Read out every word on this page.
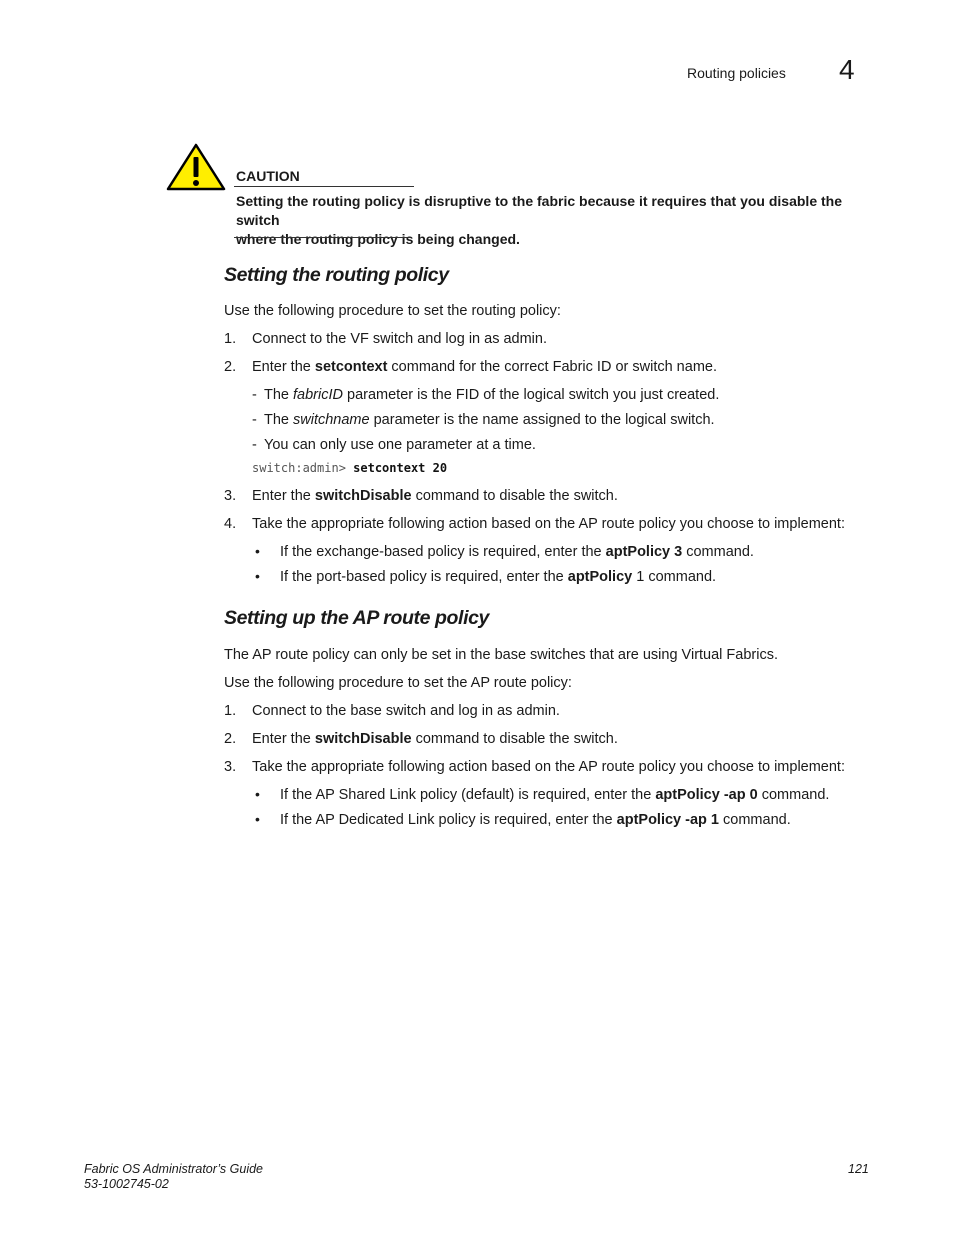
Routing policies 4
CAUTION
Setting the routing policy is disruptive to the fabric because it requires that you disable the switch
where the routing policy is being changed.
Setting the routing policy
Use the following procedure to set the routing policy:
1. Connect to the VF switch and log in as admin.
2. Enter the setcontext command for the correct Fabric ID or switch name.
- The fabricID parameter is the FID of the logical switch you just created.
- The switchname parameter is the name assigned to the logical switch.
- You can only use one parameter at a time.
switch:admin> setcontext 20
3. Enter the switchDisable command to disable the switch.
4. Take the appropriate following action based on the AP route policy you choose to implement:
• If the exchange-based policy is required, enter the aptPolicy 3 command.
• If the port-based policy is required, enter the aptPolicy 1 command.
Setting up the AP route policy
The AP route policy can only be set in the base switches that are using Virtual Fabrics.
Use the following procedure to set the AP route policy:
1. Connect to the base switch and log in as admin.
2. Enter the switchDisable command to disable the switch.
3. Take the appropriate following action based on the AP route policy you choose to implement:
• If the AP Shared Link policy (default) is required, enter the aptPolicy -ap 0 command.
• If the AP Dedicated Link policy is required, enter the aptPolicy -ap 1 command.
Fabric OS Administrator’s Guide
53-1002745-02
121
